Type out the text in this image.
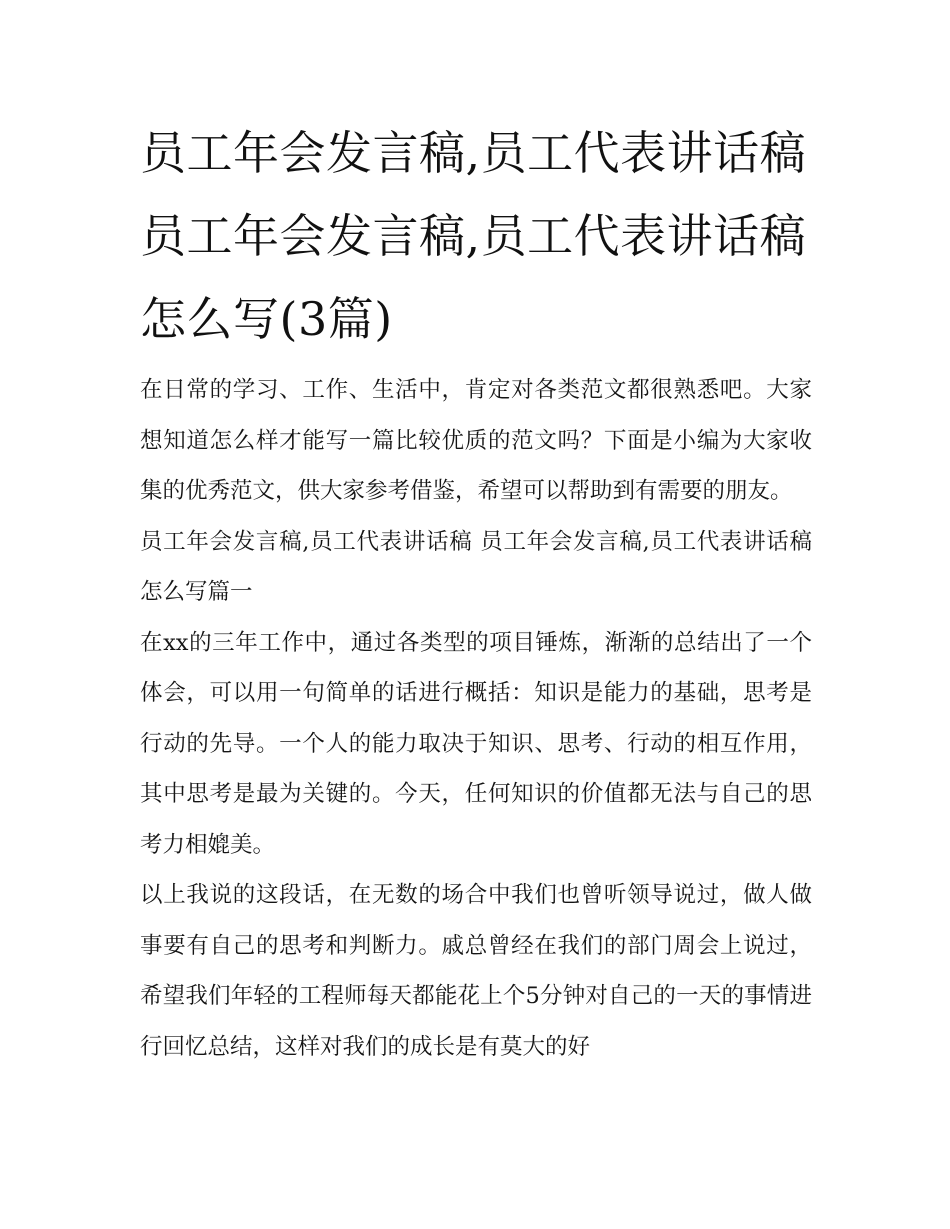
员工年会发言稿,员工代表讲话稿 员工年会发言稿,员工代表讲话稿怎么写(3篇)

在日常的学习、工作、生活中，肯定对各类范文都很熟悉吧。大家想知道怎么样才能写一篇比较优质的范文吗？下面是小编为大家收集的优秀范文，供大家参考借鉴，希望可以帮助到有需要的朋友。

员工年会发言稿,员工代表讲话稿 员工年会发言稿,员工代表讲话稿怎么写篇一

在xx的三年工作中，通过各类型的项目锤炼，渐渐的总结出了一个体会，可以用一句简单的话进行概括：知识是能力的基础，思考是行动的先导。一个人的能力取决于知识、思考、行动的相互作用，其中思考是最为关键的。今天，任何知识的价值都无法与自己的思考力相媲美。

以上我说的这段话，在无数的场合中我们也曾听领导说过，做人做事要有自己的思考和判断力。戚总曾经在我们的部门周会上说过，希望我们年轻的工程师每天都能花上个5分钟对自己的一天的事情进行回忆总结，这样对我们的成长是有莫大的好
